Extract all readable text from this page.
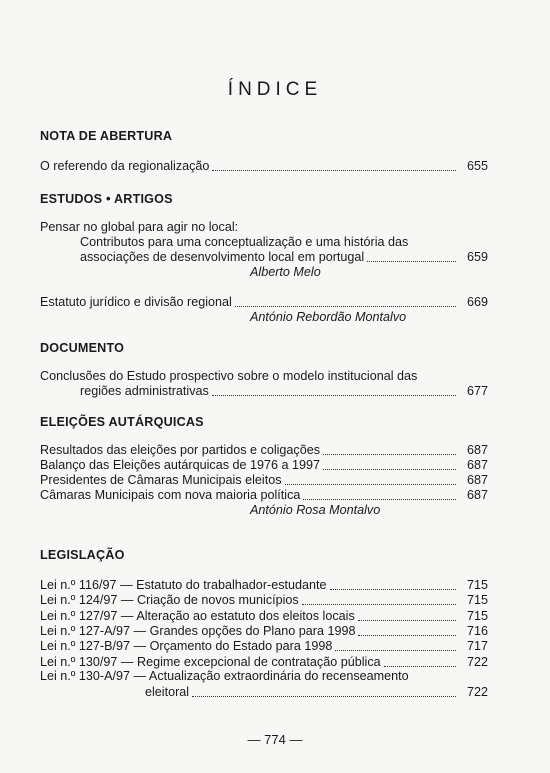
ÍNDICE
NOTA DE ABERTURA
O referendo da regionalização	655
ESTUDOS • ARTIGOS
Pensar no global para agir no local:
Contributos para uma conceptualização e uma história das
associações de desenvolvimento local em portugal	659
Alberto Melo
Estatuto jurídico e divisão regional	669
António Rebordão Montalvo
DOCUMENTO
Conclusões do Estudo prospectivo sobre o modelo institucional das
regiões administrativas	677
ELEIÇÕES AUTÁRQUICAS
Resultados das eleições por partidos e coligações	687
Balanço das Eleições autárquicas de 1976 a 1997	687
Presidentes de Câmaras Municipais eleitos	687
Câmaras Municipais com nova maioria política	687
António Rosa Montalvo
LEGISLAÇÃO
Lei n.º 116/97 — Estatuto do trabalhador-estudante	715
Lei n.º 124/97 — Criação de novos municípios	715
Lei n.º 127/97 — Alteração ao estatuto dos eleitos locais	715
Lei n.º 127-A/97 — Grandes opções do Plano para 1998	716
Lei n.º 127-B/97 — Orçamento do Estado para 1998	717
Lei n.º 130/97 — Regime excepcional de contratação pública	722
Lei n.º 130-A/97 — Actualização extraordinária do recenseamento
eleitoral	722
— 774 —
